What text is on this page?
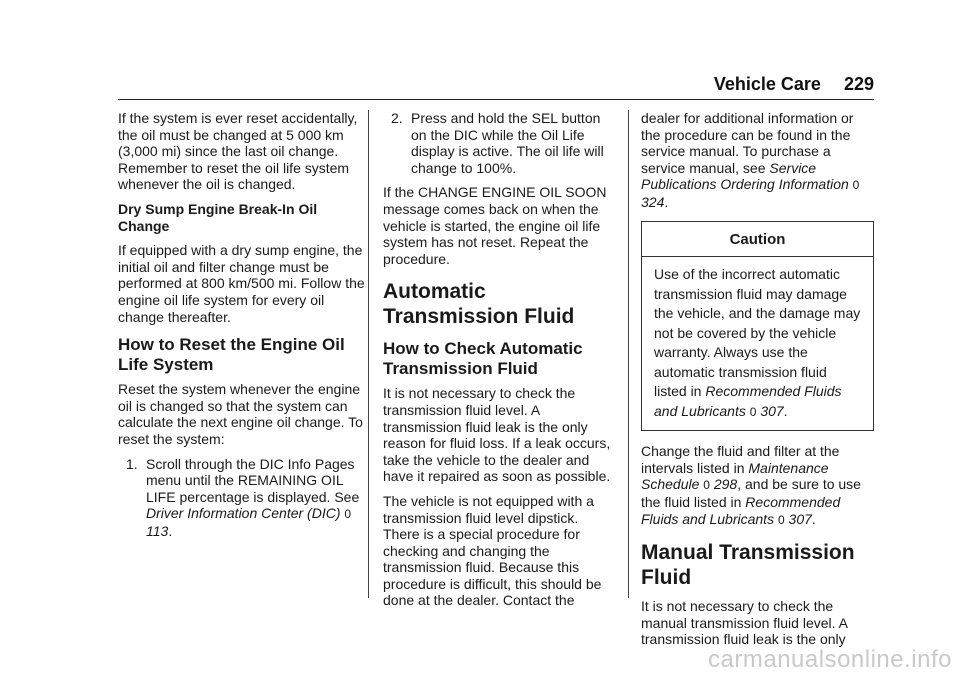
Vehicle Care 229

If the system is ever reset accidentally, the oil must be changed at 5 000 km (3,000 mi) since the last oil change. Remember to reset the oil life system whenever the oil is changed.

Dry Sump Engine Break-In Oil Change

If equipped with a dry sump engine, the initial oil and filter change must be performed at 800 km/500 mi. Follow the engine oil life system for every oil change thereafter.

How to Reset the Engine Oil Life System

Reset the system whenever the engine oil is changed so that the system can calculate the next engine oil change. To reset the system:

1. Scroll through the DIC Info Pages menu until the REMAINING OIL LIFE percentage is displayed. See Driver Information Center (DIC) 0 113.
2. Press and hold the SEL button on the DIC while the Oil Life display is active. The oil life will change to 100%.

If the CHANGE ENGINE OIL SOON message comes back on when the vehicle is started, the engine oil life system has not reset. Repeat the procedure.

Automatic Transmission Fluid
How to Check Automatic Transmission Fluid

It is not necessary to check the transmission fluid level. A transmission fluid leak is the only reason for fluid loss. If a leak occurs, take the vehicle to the dealer and have it repaired as soon as possible.

The vehicle is not equipped with a transmission fluid level dipstick. There is a special procedure for checking and changing the transmission fluid. Because this procedure is difficult, this should be done at the dealer. Contact the

dealer for additional information or the procedure can be found in the service manual. To purchase a service manual, see Service Publications Ordering Information 0 324.

Caution
Use of the incorrect automatic transmission fluid may damage the vehicle, and the damage may not be covered by the vehicle warranty. Always use the automatic transmission fluid listed in Recommended Fluids and Lubricants 0 307.

Change the fluid and filter at the intervals listed in Maintenance Schedule 0 298, and be sure to use the fluid listed in Recommended Fluids and Lubricants 0 307.

Manual Transmission Fluid

It is not necessary to check the manual transmission fluid level. A transmission fluid leak is the only

carmanualsonline.info
